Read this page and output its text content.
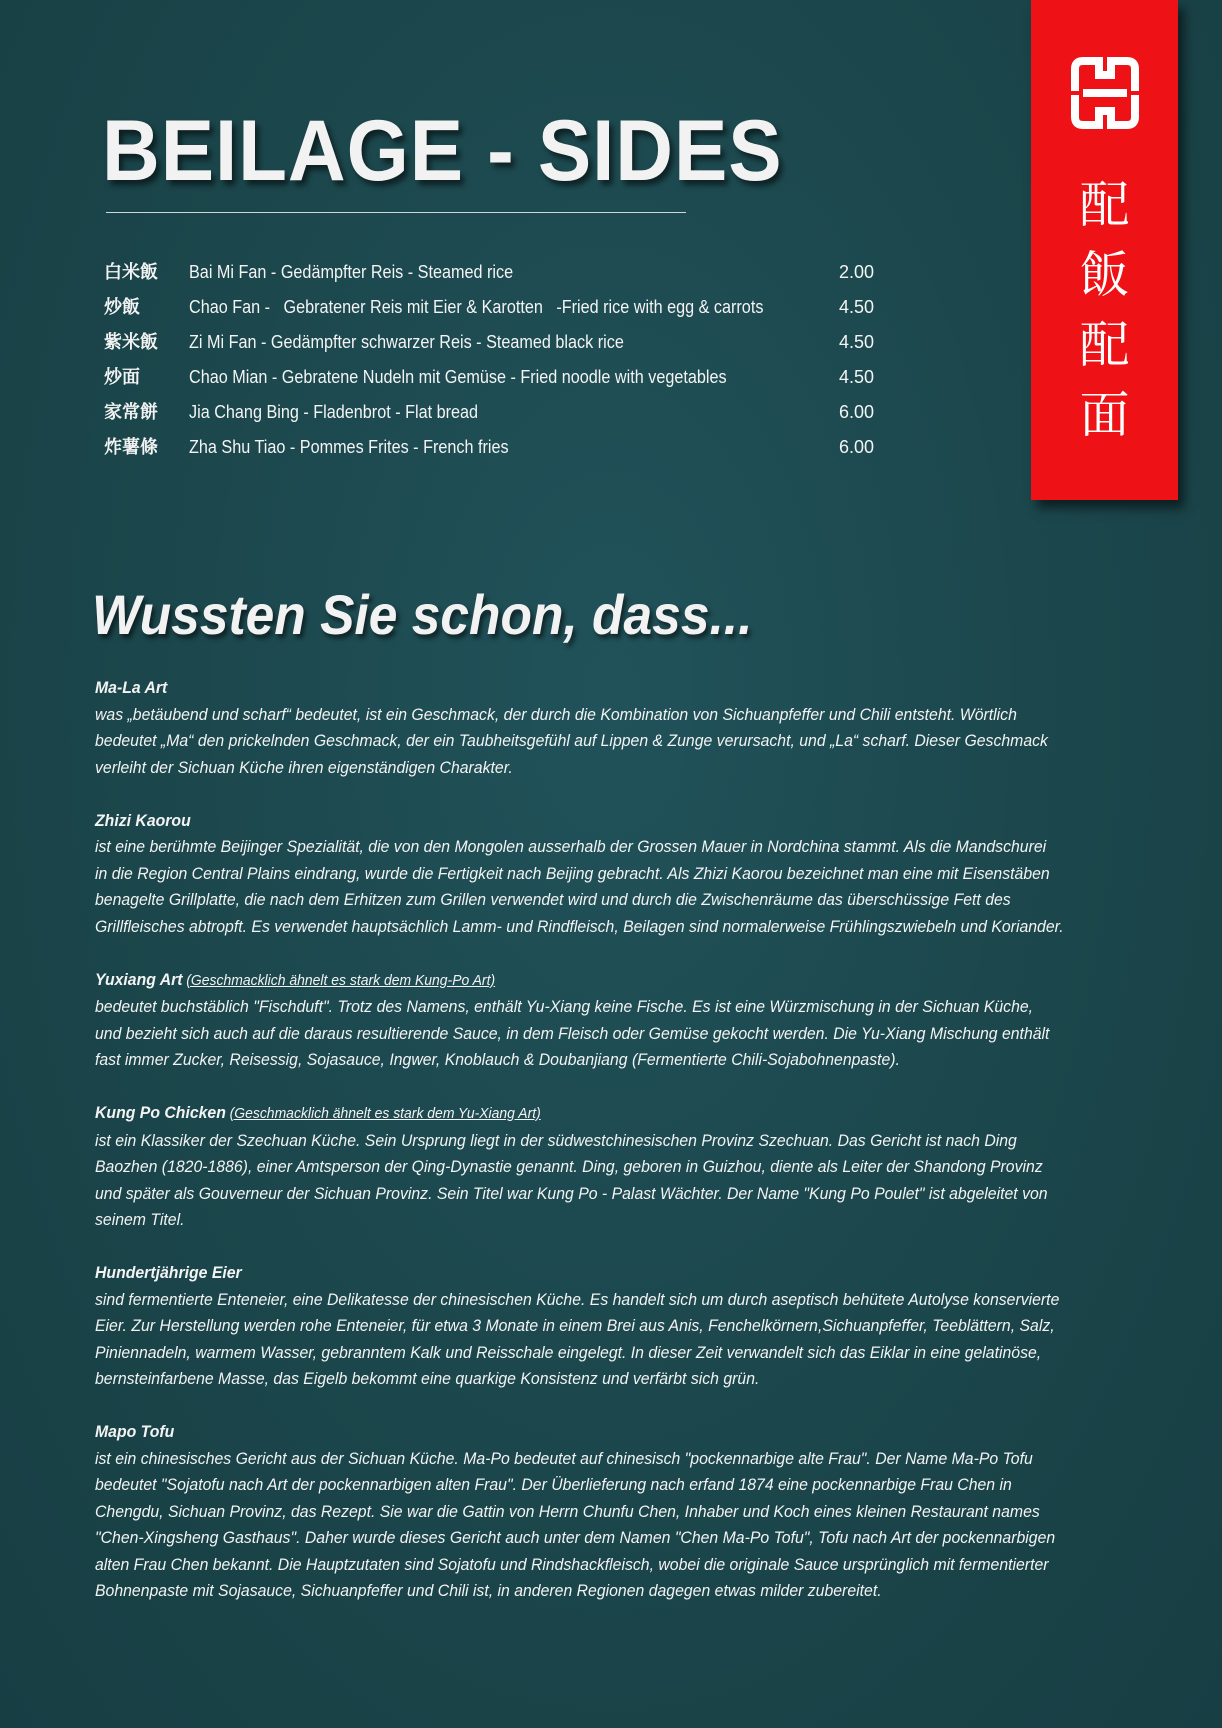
BEILAGE - SIDES
白米飯 Bai Mi Fan - Gedämpfter Reis - Steamed rice	2.00
炒飯	Chao Fan -   Gebratener Reis mit Eier & Karotten   -Fried rice with egg & carrots	4.50
紫米飯 Zi Mi Fan - Gedämpfter schwarzer Reis - Steamed black rice	4.50
炒面	Chao Mian - Gebratene Nudeln mit Gemüse - Fried noodle with vegetables	4.50
家常餅 Jia Chang Bing - Fladenbrot - Flat bread	6.00
炸薯條 Zha Shu Tiao - Pommes Frites - French fries	6.00
配
飯
配
面
Wussten Sie schon, dass...
Ma-La Art
was „betäubend und scharf“ bedeutet, ist ein Geschmack, der durch die Kombination von Sichuanpfeffer und Chili entsteht. Wörtlich
bedeutet „Ma“ den prickelnden Geschmack, der ein Taubheitsgefühl auf Lippen & Zunge verursacht, und „La“ scharf. Dieser Geschmack
verleiht der Sichuan Küche ihren eigenständigen Charakter.
Zhizi Kaorou
ist eine berühmte Beijinger Spezialität, die von den Mongolen ausserhalb der Grossen Mauer in Nordchina stammt. Als die Mandschurei
in die Region Central Plains eindrang, wurde die Fertigkeit nach Beijing gebracht. Als Zhizi Kaorou bezeichnet man eine mit Eisenstäben
benagelte Grillplatte, die nach dem Erhitzen zum Grillen verwendet wird und durch die Zwischenräume das überschüssige Fett des
Grillfleisches abtropft. Es verwendet hauptsächlich Lamm- und Rindfleisch, Beilagen sind normalerweise Frühlingszwiebeln und Koriander.
Yuxiang Art (Geschmacklich ähnelt es stark dem Kung-Po Art)
bedeutet buchstäblich "Fischduft". Trotz des Namens, enthält Yu-Xiang keine Fische. Es ist eine Würzmischung in der Sichuan Küche,
und bezieht sich auch auf die daraus resultierende Sauce, in dem Fleisch oder Gemüse gekocht werden. Die Yu-Xiang Mischung enthält
fast immer Zucker, Reisessig, Sojasauce, Ingwer, Knoblauch & Doubanjiang (Fermentierte Chili-Sojabohnenpaste).
Kung Po Chicken (Geschmacklich ähnelt es stark dem Yu-Xiang Art)
ist ein Klassiker der Szechuan Küche. Sein Ursprung liegt in der südwestchinesischen Provinz Szechuan. Das Gericht ist nach Ding
Baozhen (1820-1886), einer Amtsperson der Qing-Dynastie genannt. Ding, geboren in Guizhou, diente als Leiter der Shandong Provinz
und später als Gouverneur der Sichuan Provinz. Sein Titel war Kung Po - Palast Wächter. Der Name "Kung Po Poulet" ist abgeleitet von
seinem Titel.
Hundertjährige Eier
sind fermentierte Enteneier, eine Delikatesse der chinesischen Küche. Es handelt sich um durch aseptisch behütete Autolyse konservierte
Eier. Zur Herstellung werden rohe Enteneier, für etwa 3 Monate in einem Brei aus Anis, Fenchelkörnern,Sichuanpfeffer, Teeblättern, Salz,
Piniennadeln, warmem Wasser, gebranntem Kalk und Reisschale eingelegt. In dieser Zeit verwandelt sich das Eiklar in eine gelatinöse,
bernsteinfarbene Masse, das Eigelb bekommt eine quarkige Konsistenz und verfärbt sich grün.
Mapo Tofu
ist ein chinesisches Gericht aus der Sichuan Küche. Ma-Po bedeutet auf chinesisch "pockennarbige alte Frau". Der Name Ma-Po Tofu
bedeutet "Sojatofu nach Art der pockennarbigen alten Frau". Der Überlieferung nach erfand 1874 eine pockennarbige Frau Chen in
Chengdu, Sichuan Provinz, das Rezept. Sie war die Gattin von Herrn Chunfu Chen, Inhaber und Koch eines kleinen Restaurant names
"Chen-Xingsheng Gasthaus". Daher wurde dieses Gericht auch unter dem Namen "Chen Ma-Po Tofu", Tofu nach Art der pockennarbigen
alten Frau Chen bekannt. Die Hauptzutaten sind Sojatofu und Rindshackfleisch, wobei die originale Sauce ursprünglich mit fermentierter
Bohnenpaste mit Sojasauce, Sichuanpfeffer und Chili ist, in anderen Regionen dagegen etwas milder zubereitet.
